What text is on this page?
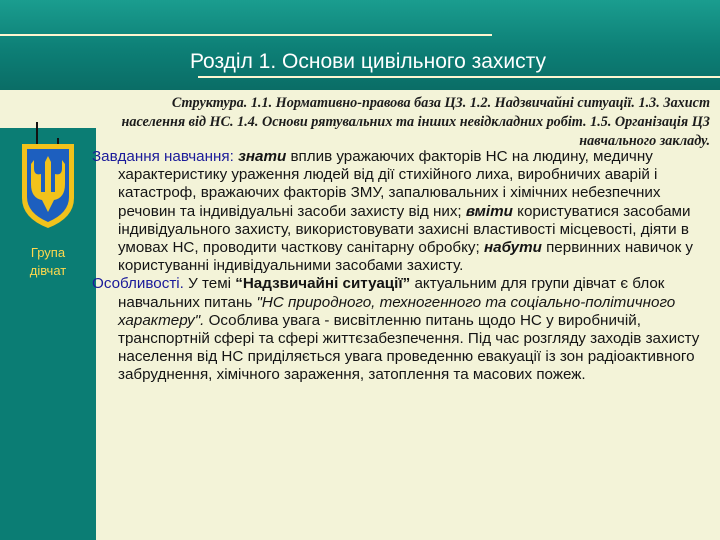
Розділ 1. Основи цивільного захисту
Структура. 1.1. Нормативно-правова база ЦЗ. 1.2. Надзвичайні ситуації. 1.3. Захист населення від НС. 1.4. Основи рятувальних та інших невідкладних робіт. 1.5. Організація ЦЗ навчального закладу.
Група дівчат

Завдання навчання: знати вплив уражаючих факторів НС на людину, медичну характеристику ураження людей від дії стихійного лиха, виробничих аварій і катастроф, вражаючих факторів ЗМУ, запалювальних і хімічних небезпечних речовин та індивідуальні засоби захисту від них; вміти користуватися засобами індивідуального захисту, використовувати захисні властивості місцевості, діяти в умовах НС, проводити часткову санітарну обробку; набути первинних навичок у користуванні індивідуальними засобами захисту.

Особливості. У темі “Надзвичайні ситуації” актуальним для групи дівчат є блок навчальних питань "НС природного, техногенного та соціально-політичного характеру". Особлива увага - висвітленню питань щодо НС у виробничій, транспортній сфері та сфері життєзабезпечення. Під час розгляду заходів захисту населення від НС приділяється увага проведенню евакуації із зон радіоактивного забруднення, хімічного зараження, затоплення та масових пожеж.
